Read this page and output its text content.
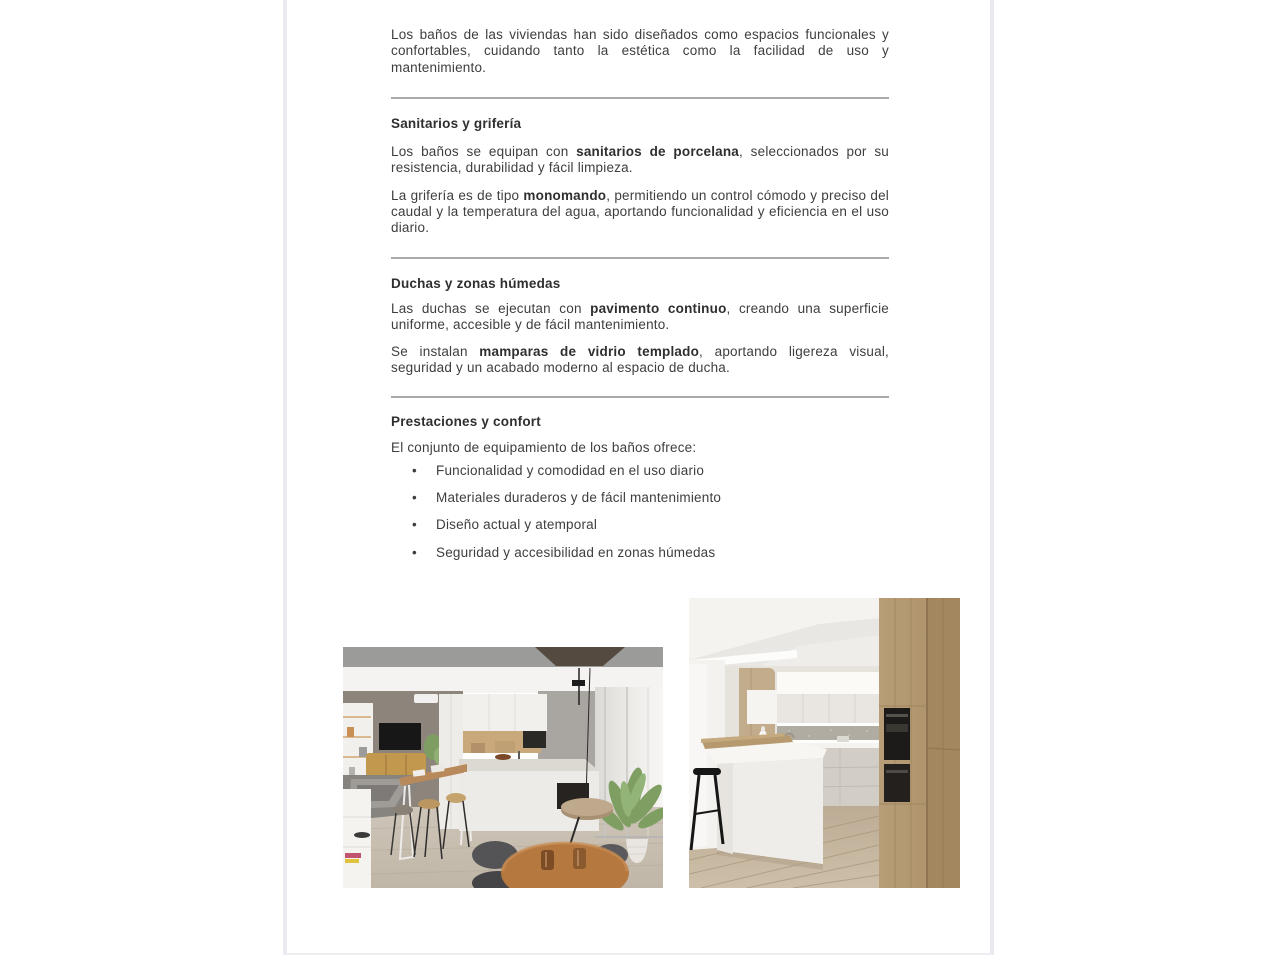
Los baños de las viviendas han sido diseñados como espacios funcionales y confortables, cuidando tanto la estética como la facilidad de uso y mantenimiento.

Sanitarios y grifería

Los baños se equipan con sanitarios de porcelana, seleccionados por su resistencia, durabilidad y fácil limpieza.

La grifería es de tipo monomando, permitiendo un control cómodo y preciso del caudal y la temperatura del agua, aportando funcionalidad y eficiencia en el uso diario.

Duchas y zonas húmedas

Las duchas se ejecutan con pavimento continuo, creando una superficie uniforme, accesible y de fácil mantenimiento.

Se instalan mamparas de vidrio templado, aportando ligereza visual, seguridad y un acabado moderno al espacio de ducha.

Prestaciones y confort

El conjunto de equipamiento de los baños ofrece:

•	Funcionalidad y comodidad en el uso diario
•	Materiales duraderos y de fácil mantenimiento
•	Diseño actual y atemporal
•	Seguridad y accesibilidad en zonas húmedas
